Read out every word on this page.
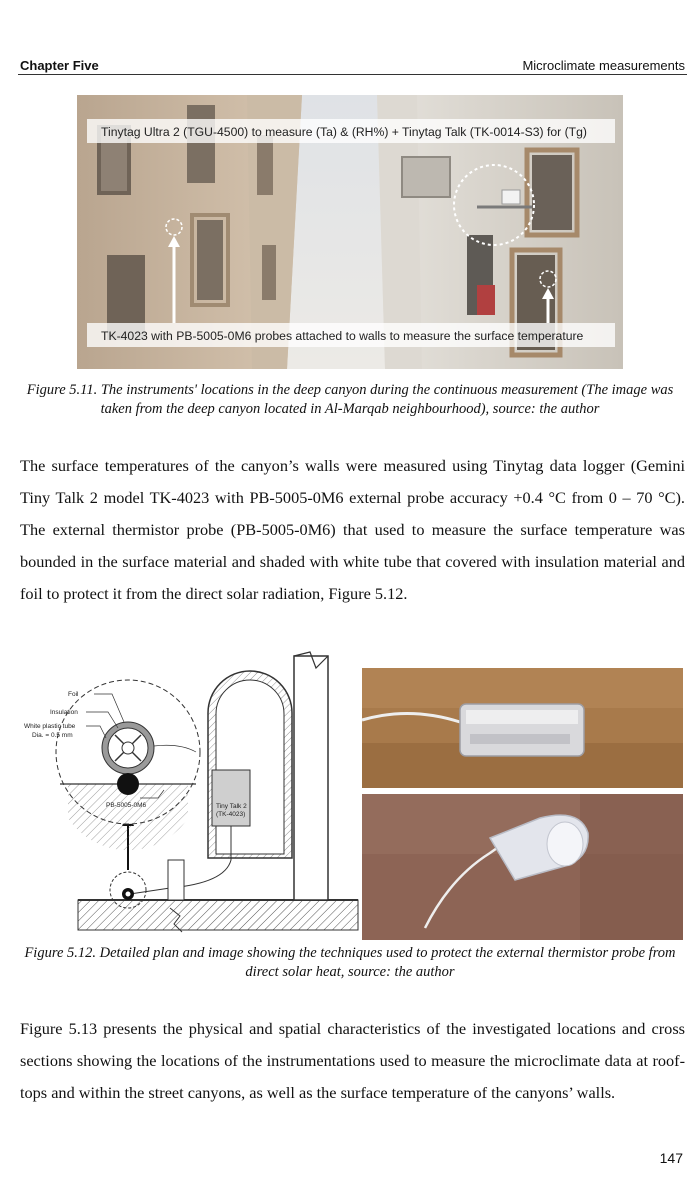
Chapter Five	Microclimate measurements
Tinytag Ultra 2 (TGU-4500) to measure (Ta) & (RH%) + Tinytag Talk (TK-0014-S3) for (Tg)
TK-4023 with PB-5005-0M6 probes attached to walls to measure the surface temperature
Figure 5.11. The instruments' locations in the deep canyon during the continuous measurement (The image was taken from the deep canyon located in Al-Marqab neighbourhood), source: the author

The surface temperatures of the canyon’s walls were measured using Tinytag data logger (Gemini Tiny Talk 2 model TK-4023 with PB-5005-0M6 external probe accuracy +0.4 °C from 0 – 70 °C). The external thermistor probe (PB-5005-0M6) that used to measure the surface temperature was bounded in the surface material and shaded with white tube that covered with insulation material and foil to protect it from the direct solar radiation, Figure 5.12.

Tiny Talk 2
(TK-4023)
Foil
Insulation
White plastic tube
Dia. = 0.5 mm
PB-5005-0M6
Figure 5.12. Detailed plan and image showing the techniques used to protect the external thermistor probe from direct solar heat, source: the author

Figure 5.13 presents the physical and spatial characteristics of the investigated locations and cross sections showing the locations of the instrumentations used to measure the microclimate data at roof-tops and within the street canyons, as well as the surface temperature of the canyons’ walls.

147
